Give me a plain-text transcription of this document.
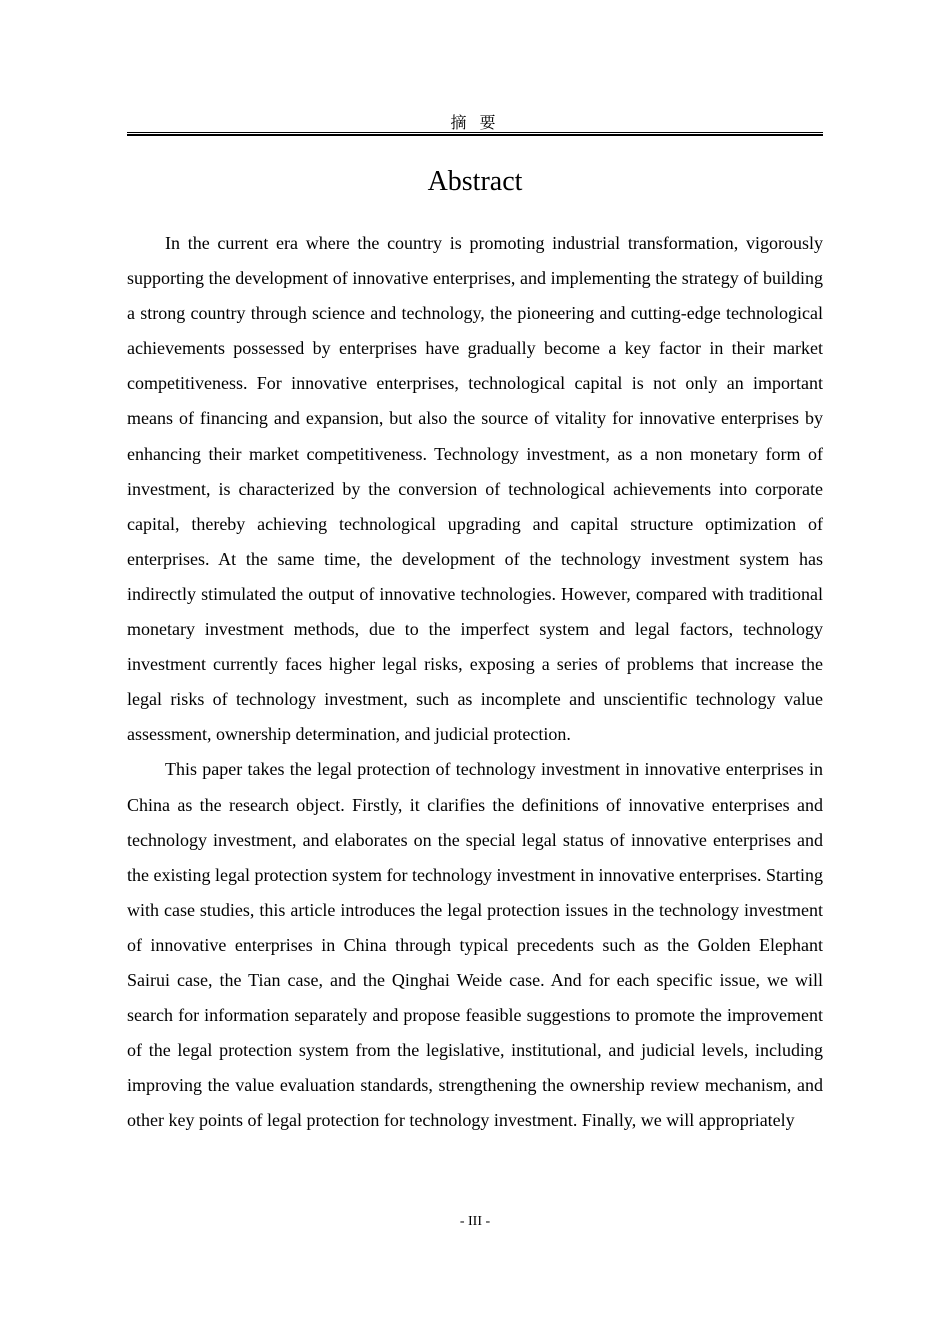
摘 要
Abstract

In the current era where the country is promoting industrial transformation, vigorously supporting the development of innovative enterprises, and implementing the strategy of building a strong country through science and technology, the pioneering and cutting-edge technological achievements possessed by enterprises have gradually become a key factor in their market competitiveness. For innovative enterprises, technological capital is not only an important means of financing and expansion, but also the source of vitality for innovative enterprises by enhancing their market competitiveness. Technology investment, as a non monetary form of investment, is characterized by the conversion of technological achievements into corporate capital, thereby achieving technological upgrading and capital structure optimization of enterprises. At the same time, the development of the technology investment system has indirectly stimulated the output of innovative technologies. However, compared with traditional monetary investment methods, due to the imperfect system and legal factors, technology investment currently faces higher legal risks, exposing a series of problems that increase the legal risks of technology investment, such as incomplete and unscientific technology value assessment, ownership determination, and judicial protection.

This paper takes the legal protection of technology investment in innovative enterprises in China as the research object. Firstly, it clarifies the definitions of innovative enterprises and technology investment, and elaborates on the special legal status of innovative enterprises and the existing legal protection system for technology investment in innovative enterprises. Starting with case studies, this article introduces the legal protection issues in the technology investment of innovative enterprises in China through typical precedents such as the Golden Elephant Sairui case, the Tian case, and the Qinghai Weide case. And for each specific issue, we will search for information separately and propose feasible suggestions to promote the improvement of the legal protection system from the legislative, institutional, and judicial levels, including improving the value evaluation standards, strengthening the ownership review mechanism, and other key points of legal protection for technology investment. Finally, we will appropriately

- III -
